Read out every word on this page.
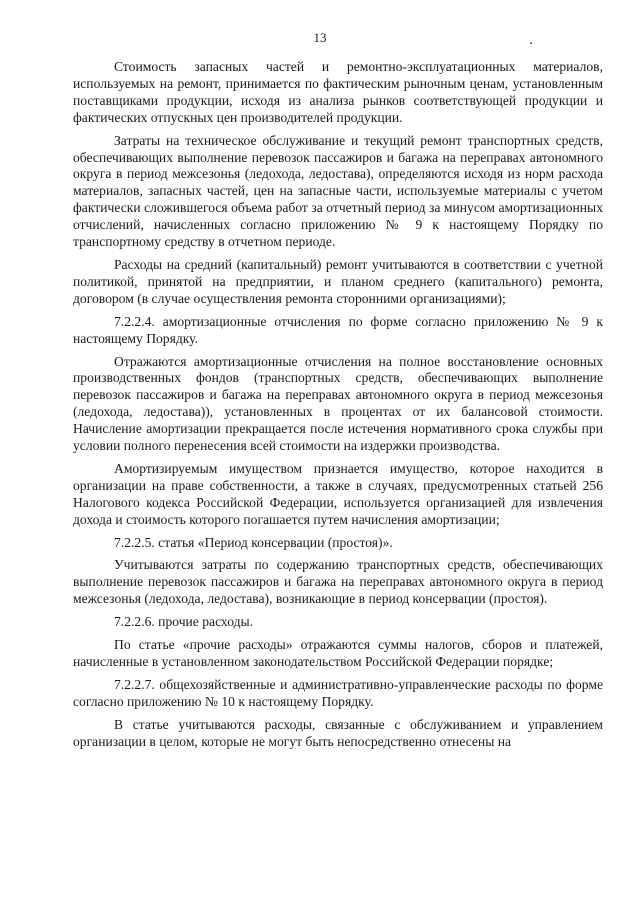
13

Стоимость запасных частей и ремонтно-эксплуатационных материалов, используемых на ремонт, принимается по фактическим рыночным ценам, установленным поставщиками продукции, исходя из анализа рынков соответствующей продукции и фактических отпускных цен производителей продукции.

Затраты на техническое обслуживание и текущий ремонт транспортных средств, обеспечивающих выполнение перевозок пассажиров и багажа на переправах автономного округа в период межсезонья (ледохода, ледостава), определяются исходя из норм расхода материалов, запасных частей, цен на запасные части, используемые материалы с учетом фактически сложившегося объема работ за отчетный период за минусом амортизационных отчислений, начисленных согласно приложению № 9 к настоящему Порядку по транспортному средству в отчетном периоде.

Расходы на средний (капитальный) ремонт учитываются в соответствии с учетной политикой, принятой на предприятии, и планом среднего (капитального) ремонта, договором (в случае осуществления ремонта сторонними организациями);

7.2.2.4. амортизационные отчисления по форме согласно приложению № 9 к настоящему Порядку.

Отражаются амортизационные отчисления на полное восстановление основных производственных фондов (транспортных средств, обеспечивающих выполнение перевозок пассажиров и багажа на переправах автономного округа в период межсезонья (ледохода, ледостава)), установленных в процентах от их балансовой стоимости. Начисление амортизации прекращается после истечения нормативного срока службы при условии полного перенесения всей стоимости на издержки производства.

Амортизируемым имуществом признается имущество, которое находится в организации на праве собственности, а также в случаях, предусмотренных статьей 256 Налогового кодекса Российской Федерации, используется организацией для извлечения дохода и стоимость которого погашается путем начисления амортизации;

7.2.2.5. статья «Период консервации (простоя)».

Учитываются затраты по содержанию транспортных средств, обеспечивающих выполнение перевозок пассажиров и багажа на переправах автономного округа в период межсезонья (ледохода, ледостава), возникающие в период консервации (простоя).

7.2.2.6. прочие расходы.

По статье «прочие расходы» отражаются суммы налогов, сборов и платежей, начисленные в установленном законодательством Российской Федерации порядке;

7.2.2.7. общехозяйственные и административно-управленческие расходы по форме согласно приложению № 10 к настоящему Порядку.

В статье учитываются расходы, связанные с обслуживанием и управлением организации в целом, которые не могут быть непосредственно отнесены на
